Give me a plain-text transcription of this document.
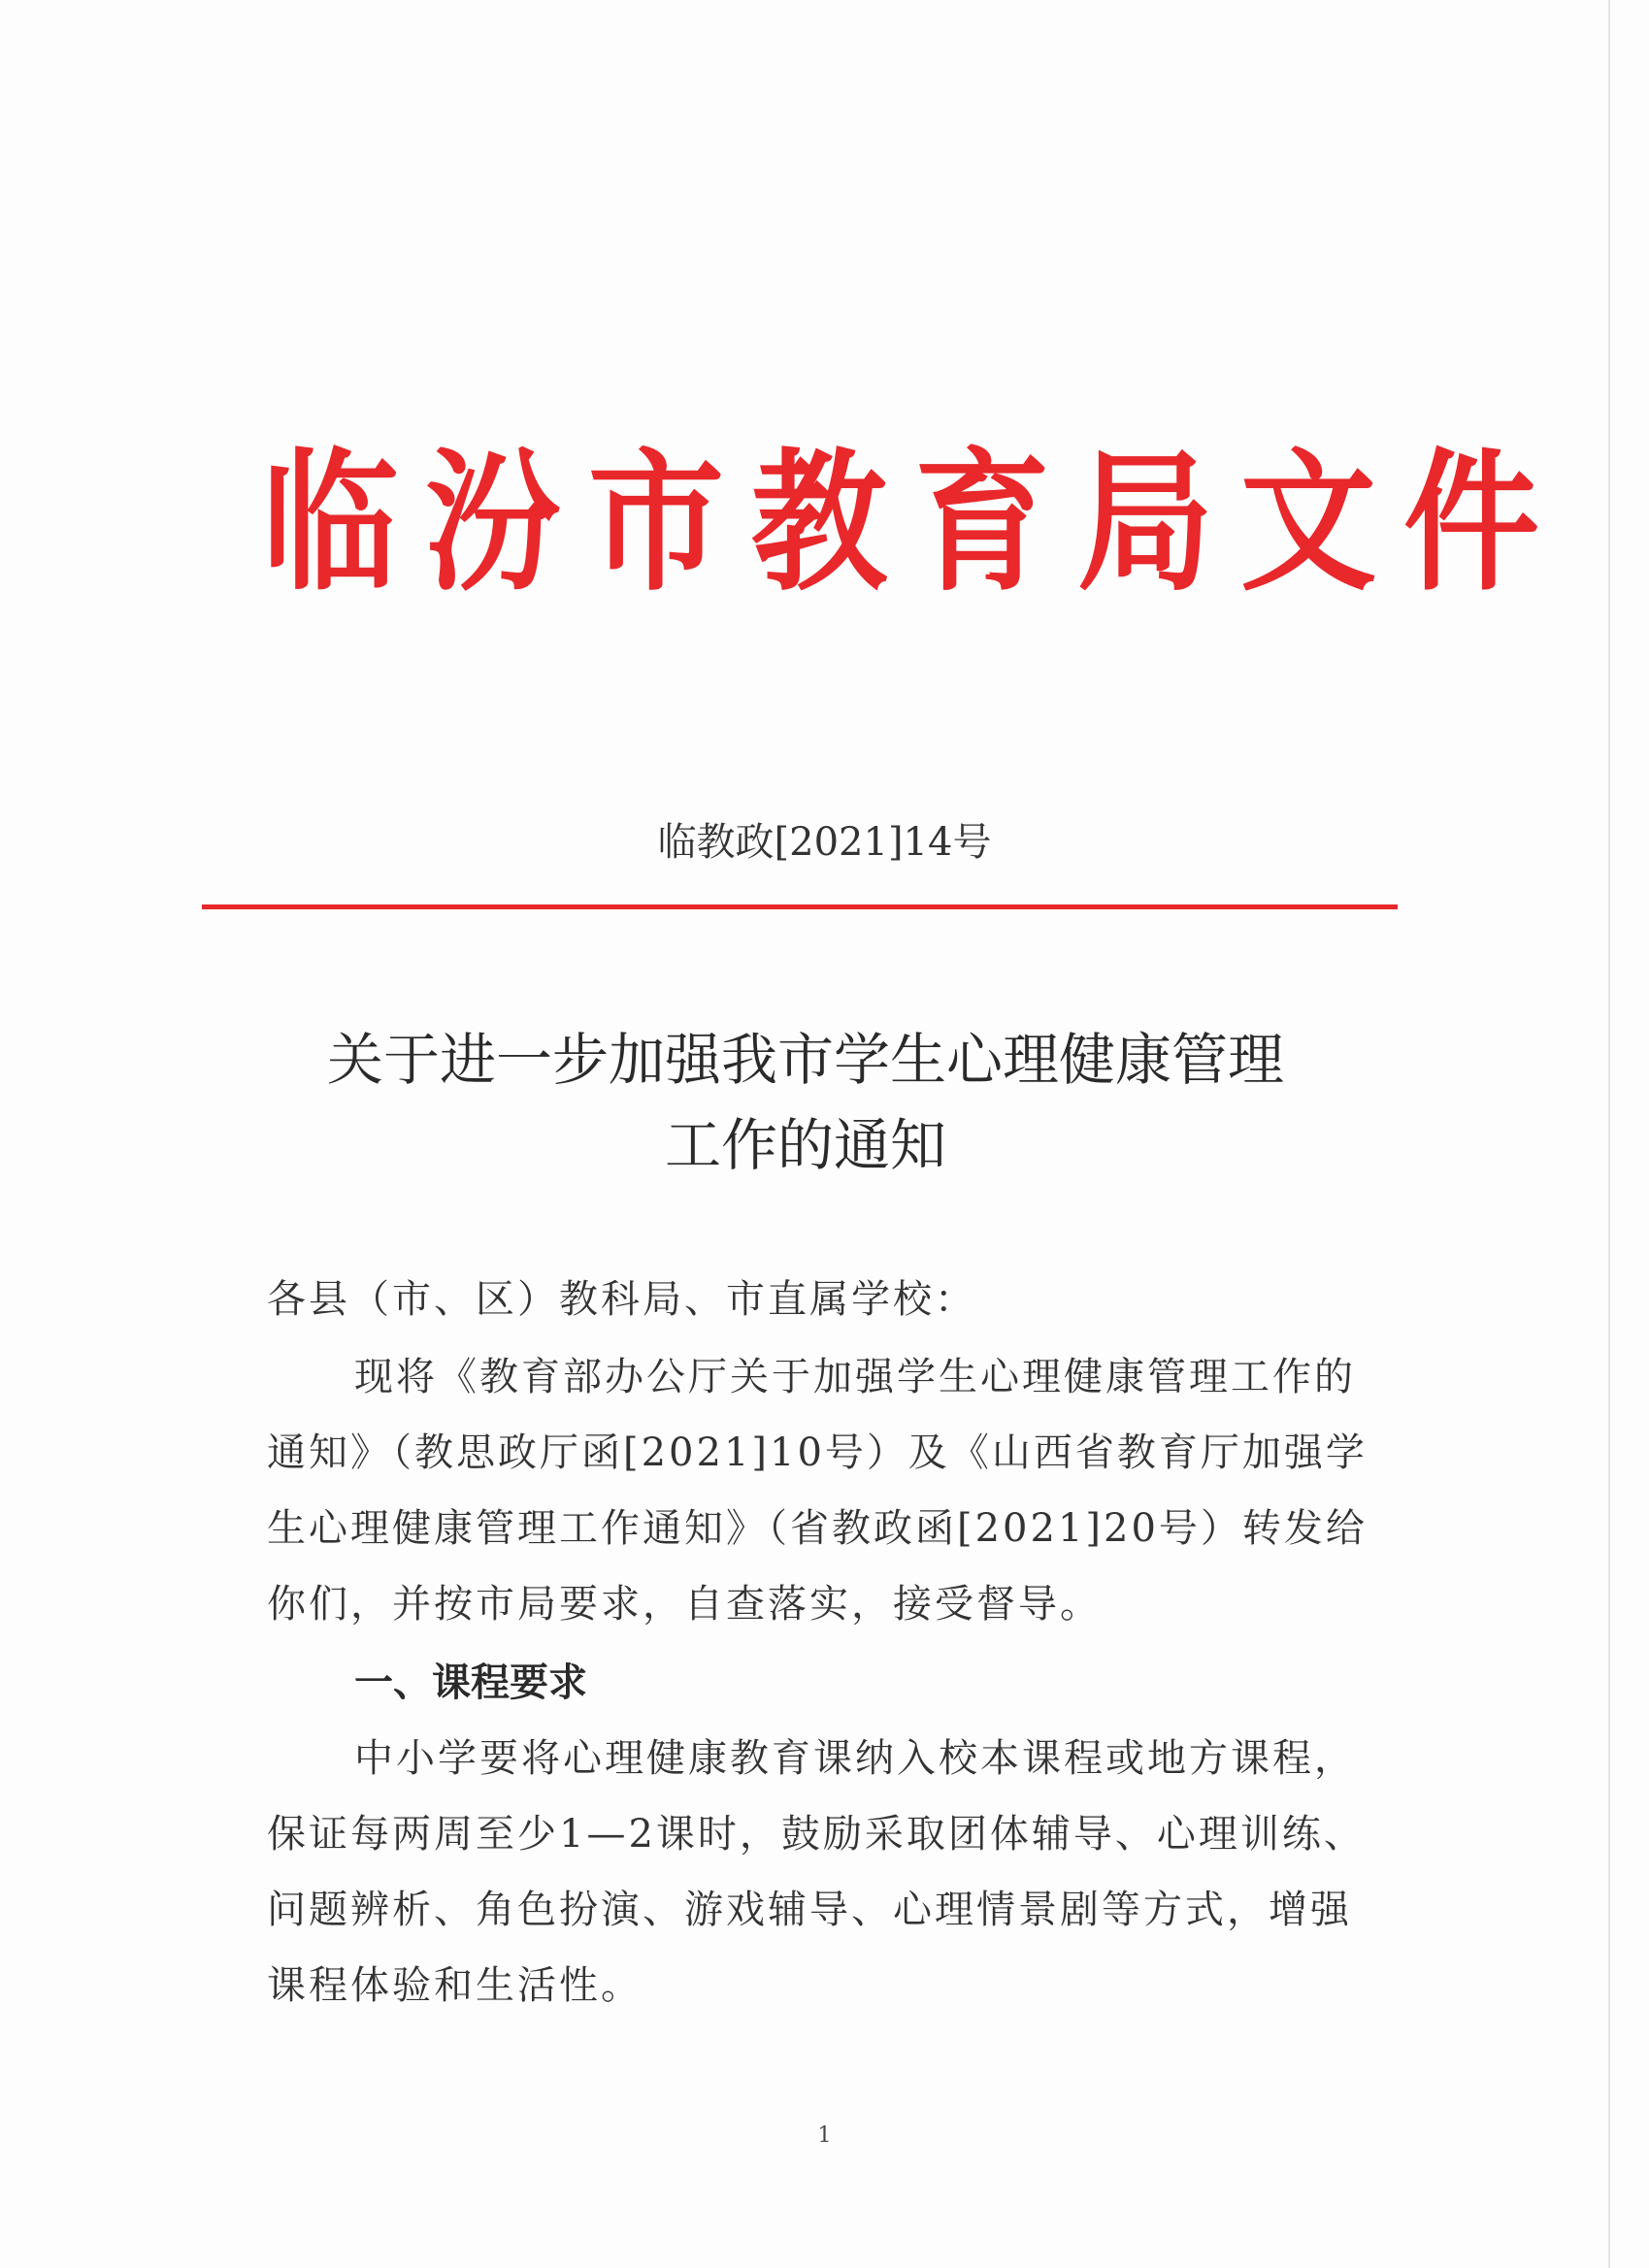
临汾市教育局文件
临教政[2021]14号
关于进一步加强我市学生心理健康管理
工作的通知
各县（市、区）教科局、市直属学校：
现将《教育部办公厅关于加强学生心理健康管理工作的
通知》（教思政厅函[2021]10号）及《山西省教育厅加强学
生心理健康管理工作通知》（省教政函[2021]20号）转发给
你们，并按市局要求，自查落实，接受督导。
一、课程要求
中小学要将心理健康教育课纳入校本课程或地方课程，
保证每两周至少1—2课时，鼓励采取团体辅导、心理训练、
问题辨析、角色扮演、游戏辅导、心理情景剧等方式，增强
课程体验和生活性。
1
